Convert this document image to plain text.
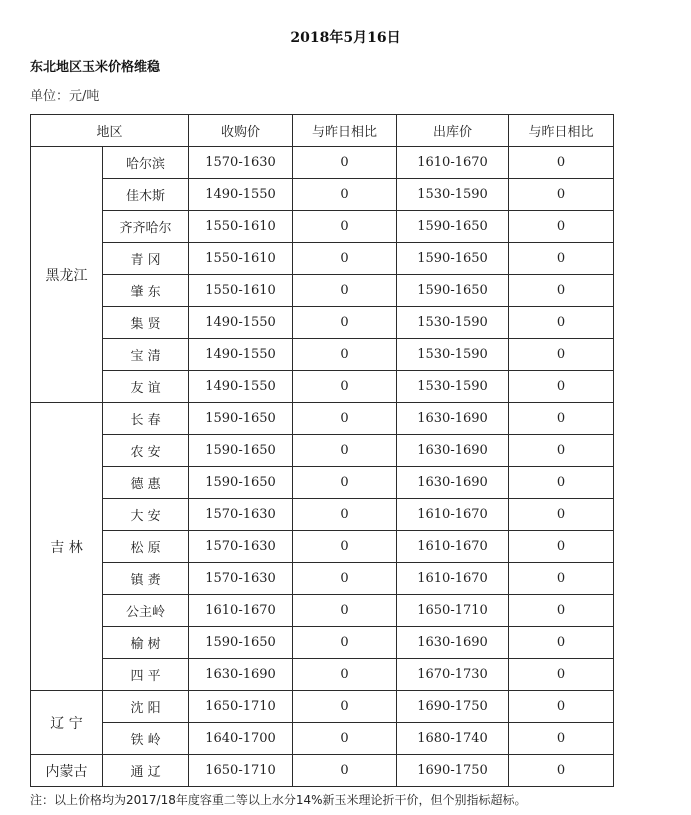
2018年5月16日
东北地区玉米价格维稳
单位：元/吨
地区		收购价	与昨日相比	出库价	与昨日相比
黑龙江	哈尔滨	1570-1630	0	1610-1670	0
	佳木斯	1490-1550	0	1530-1590	0
	齐齐哈尔	1550-1610	0	1590-1650	0
	青 冈	1550-1610	0	1590-1650	0
	肇 东	1550-1610	0	1590-1650	0
	集 贤	1490-1550	0	1530-1590	0
	宝 清	1490-1550	0	1530-1590	0
	友 谊	1490-1550	0	1530-1590	0
吉 林	长 春	1590-1650	0	1630-1690	0
	农 安	1590-1650	0	1630-1690	0
	德 惠	1590-1650	0	1630-1690	0
	大 安	1570-1630	0	1610-1670	0
	松 原	1570-1630	0	1610-1670	0
	镇 赉	1570-1630	0	1610-1670	0
	公主岭	1610-1670	0	1650-1710	0
	榆 树	1590-1650	0	1630-1690	0
	四 平	1630-1690	0	1670-1730	0
辽 宁	沈 阳	1650-1710	0	1690-1750	0
	铁 岭	1640-1700	0	1680-1740	0
内蒙古	通 辽	1650-1710	0	1690-1750	0
注：以上价格均为2017/18年度容重二等以上水分14%新玉米理论折干价，但个别指标超标。
